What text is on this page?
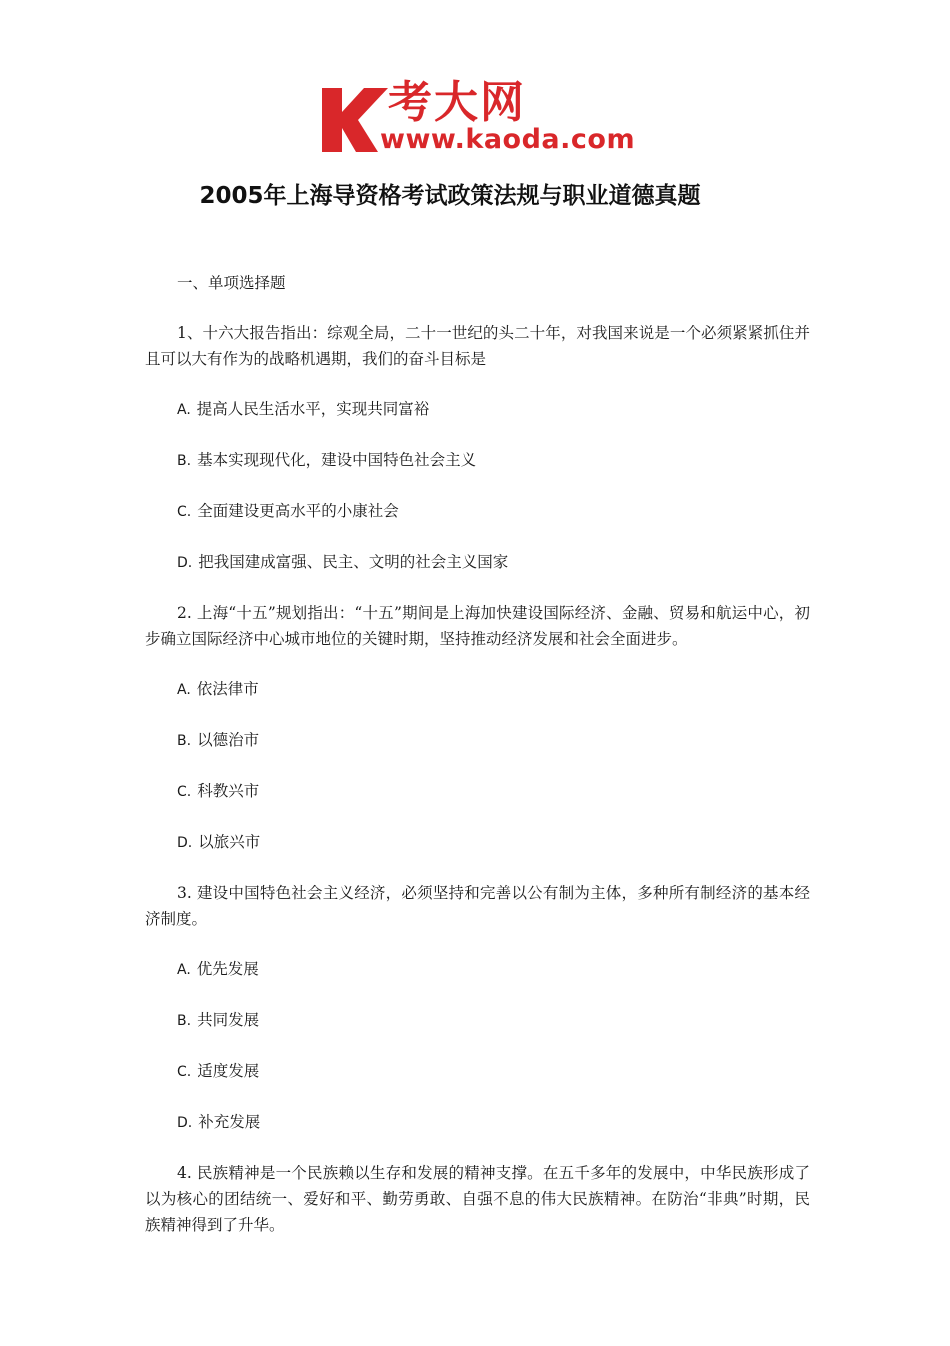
考大网
www.kaoda.com
2005年上海导资格考试政策法规与职业道德真题

一、单项选择题

1、十六大报告指出：综观全局，二十一世纪的头二十年，对我国来说是一个必须紧紧抓住并且可以大有作为的战略机遇期，我们的奋斗目标是

A. 提高人民生活水平，实现共同富裕

B. 基本实现现代化，建设中国特色社会主义

C. 全面建设更高水平的小康社会

D. 把我国建成富强、民主、文明的社会主义国家

2. 上海“十五”规划指出：“十五”期间是上海加快建设国际经济、金融、贸易和航运中心，初步确立国际经济中心城市地位的关键时期，坚持推动经济发展和社会全面进步。

A. 依法律市

B. 以德治市

C. 科教兴市

D. 以旅兴市

3. 建设中国特色社会主义经济，必须坚持和完善以公有制为主体，多种所有制经济的基本经济制度。

A. 优先发展

B. 共同发展

C. 适度发展

D. 补充发展

4. 民族精神是一个民族赖以生存和发展的精神支撑。在五千多年的发展中，中华民族形成了以为核心的团结统一、爱好和平、勤劳勇敢、自强不息的伟大民族精神。在防治“非典”时期，民族精神得到了升华。
